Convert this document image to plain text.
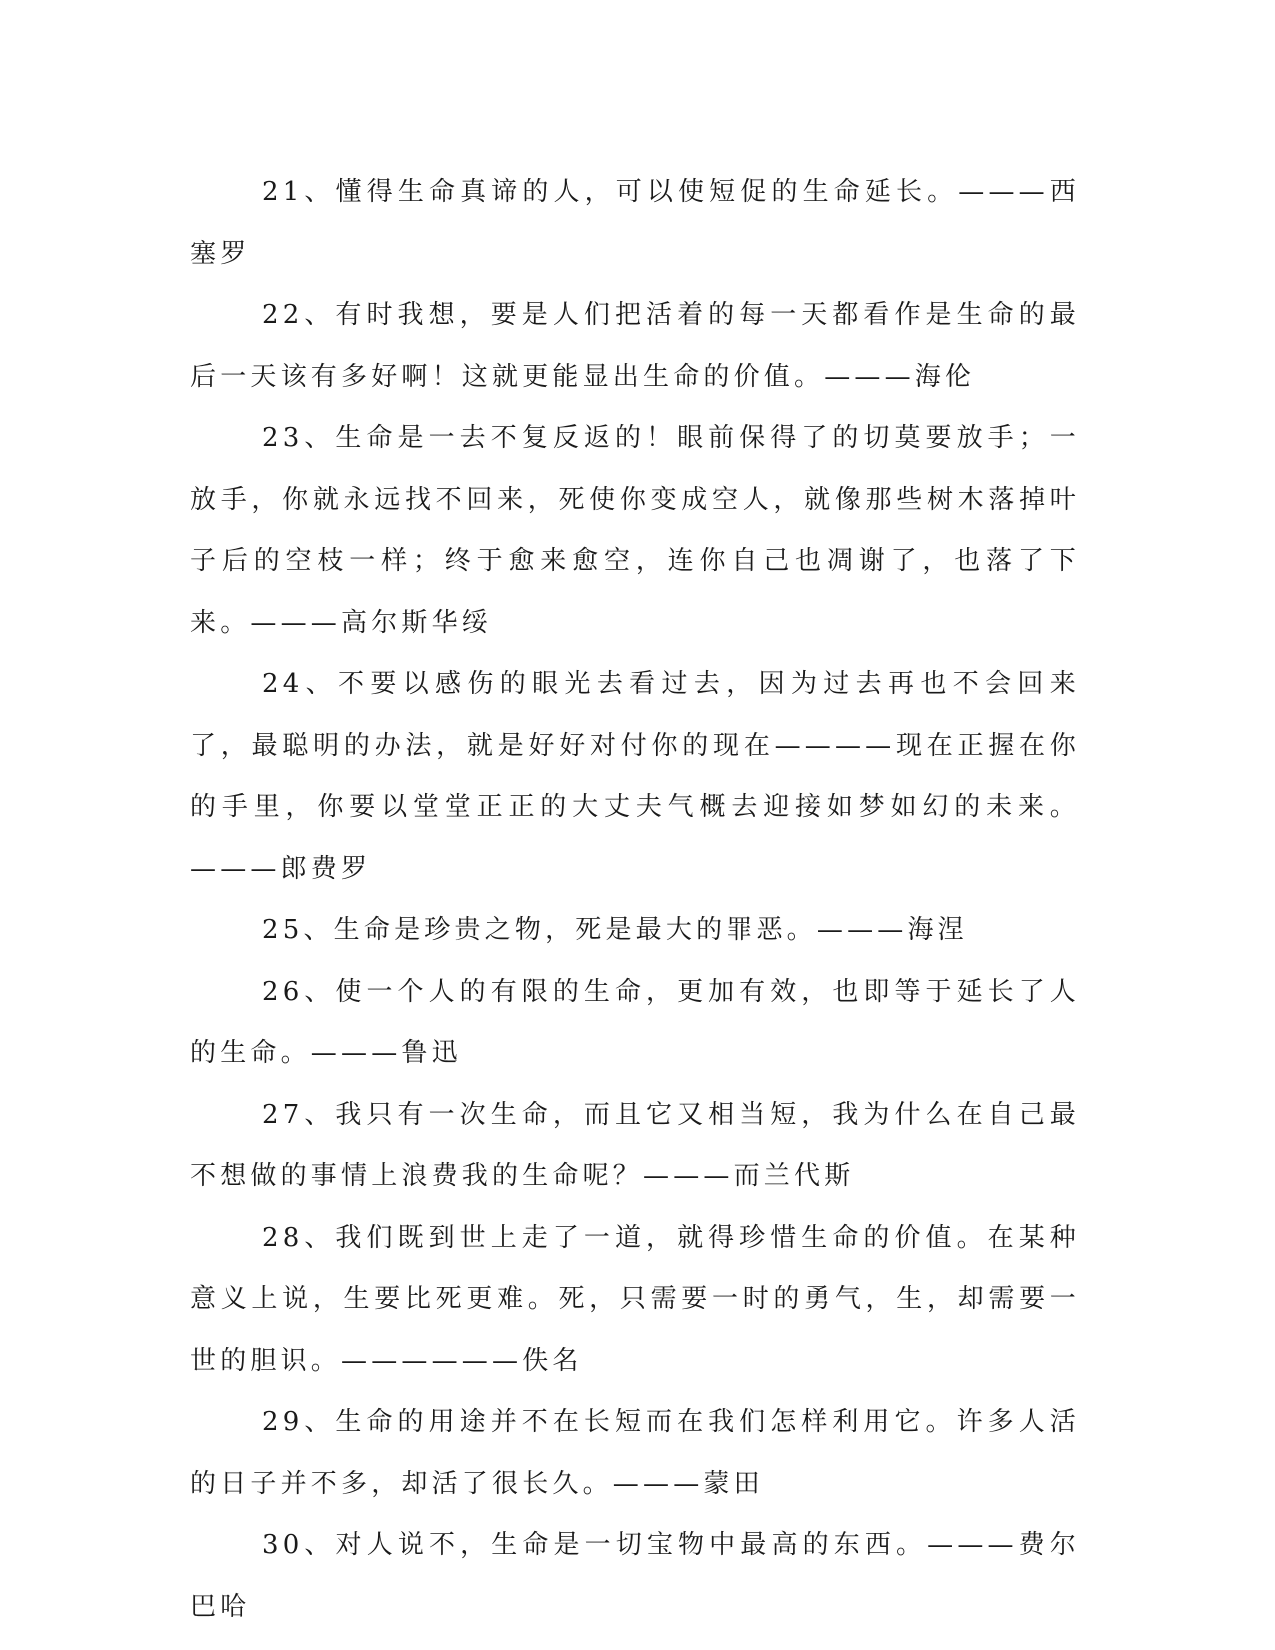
21、懂得生命真谛的人，可以使短促的生命延长。———西塞罗

22、有时我想，要是人们把活着的每一天都看作是生命的最后一天该有多好啊！这就更能显出生命的价值。———海伦

23、生命是一去不复反返的！眼前保得了的切莫要放手；一放手，你就永远找不回来，死使你变成空人，就像那些树木落掉叶子后的空枝一样；终于愈来愈空，连你自己也凋谢了，也落了下来。———高尔斯华绥

24、不要以感伤的眼光去看过去，因为过去再也不会回来了，最聪明的办法，就是好好对付你的现在————现在正握在你的手里，你要以堂堂正正的大丈夫气概去迎接如梦如幻的未来。———郎费罗

25、生命是珍贵之物，死是最大的罪恶。———海涅

26、使一个人的有限的生命，更加有效，也即等于延长了人的生命。———鲁迅

27、我只有一次生命，而且它又相当短，我为什么在自己最不想做的事情上浪费我的生命呢？———而兰代斯

28、我们既到世上走了一道，就得珍惜生命的价值。在某种意义上说，生要比死更难。死，只需要一时的勇气，生，却需要一世的胆识。——————佚名

29、生命的用途并不在长短而在我们怎样利用它。许多人活的日子并不多，却活了很长久。———蒙田

30、对人说不，生命是一切宝物中最高的东西。———费尔巴哈
